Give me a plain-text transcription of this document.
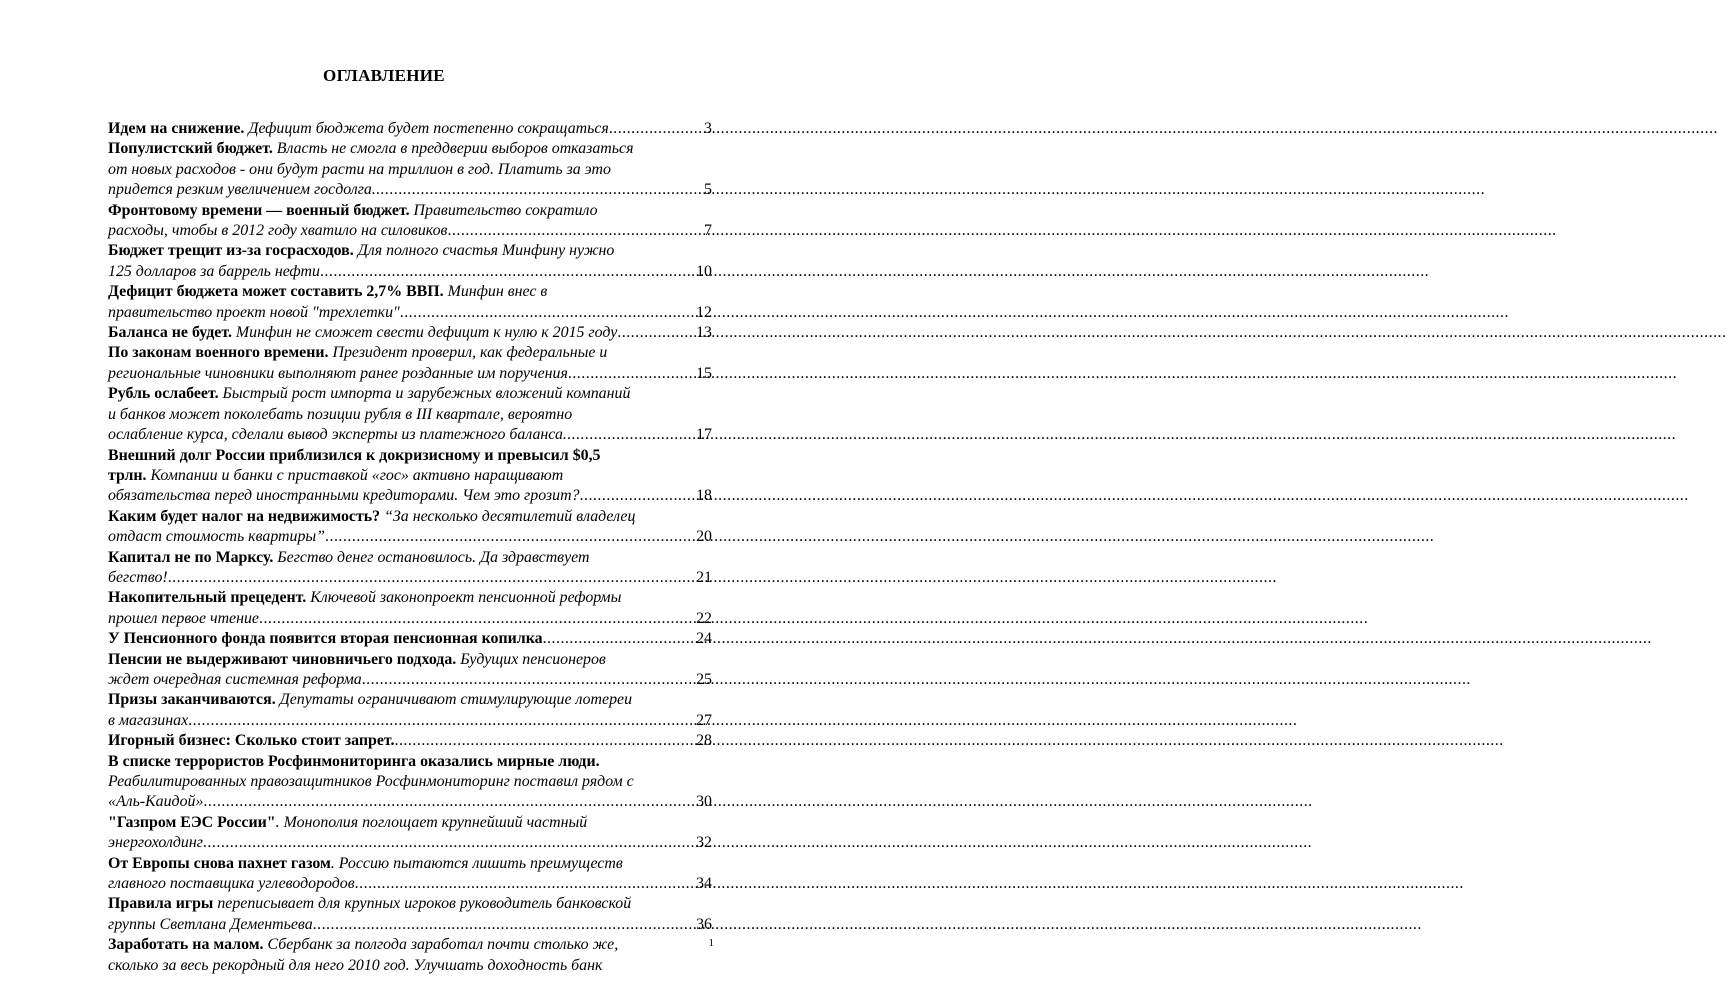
ОГЛАВЛЕНИЕ
Идем на снижение. Дефицит бюджета будет постепенно сокращаться .....	3
Популистский бюджет. Власть не смогла в преддверии выборов отказаться
от новых расходов - они будут расти на триллион в год. Платить за это
придется резким увеличением госдолга. .....	5
Фронтовому времени — военный бюджет. Правительство сократило
расходы, чтобы в 2012 году хватило на силовиков .....	7
Бюджет трещит из-за госрасходов. Для полного счастья Минфину нужно
125 долларов за баррель нефти .....	10
Дефицит бюджета может составить 2,7% ВВП. Минфин внес в
правительство проект новой "трехлетки" .....	12
Баланса не будет. Минфин не сможет свести дефицит к нулю к 2015 году .....	13
По законам военного времени. Президент проверил, как федеральные и
региональные чиновники выполняют ранее розданные им поручения .....	15
Рубль ослабеет. Быстрый рост импорта и зарубежных вложений компаний
и банков может поколебать позиции рубля в III квартале, вероятно
ослабление курса, сделали вывод эксперты из платежного баланса. .....	17
Внешний долг России приблизился к докризисному и превысил $0,5
трлн. Компании и банки с приставкой «гос» активно наращивают
обязательства перед иностранными кредиторами. Чем это грозит? .....	18
Каким будет налог на недвижимость? “За несколько десятилетий владелец
отдаст стоимость квартиры” .....	20
Капитал не по Марксу. Бегство денег остановилось. Да здравствует
бегство! .....	21
Накопительный прецедент. Ключевой законопроект пенсионной реформы
прошел первое чтение .....	22
У Пенсионного фонда появится вторая пенсионная копилка .....	24
Пенсии не выдерживают чиновничьего подхода. Будущих пенсионеров
ждет очередная системная реформа .....	25
Призы заканчиваются. Депутаты ограничивают стимулирующие лотереи
в магазинах .....	27
Игорный бизнес: Сколько стоит запрет. .....	28
В списке террористов Росфинмониторинга оказались мирные люди.
Реабилитированных правозащитников Росфинмониторинг поставил рядом с
«Аль-Каидой» .....	30
"Газпром ЕЭС России". Монополия поглощает крупнейший частный
энергохолдинг .....	32
От Европы снова пахнет газом. Россию пытаются лишить преимуществ
главного поставщика углеводородов .....	34
Правила игры переписывает для крупных игроков руководитель банковской
группы Светлана Дементьева .....	36
Заработать на малом. Сбербанк за полгода заработал почти столько же,
сколько за весь рекордный для него 2010 год. Улучшать доходность банк
1
